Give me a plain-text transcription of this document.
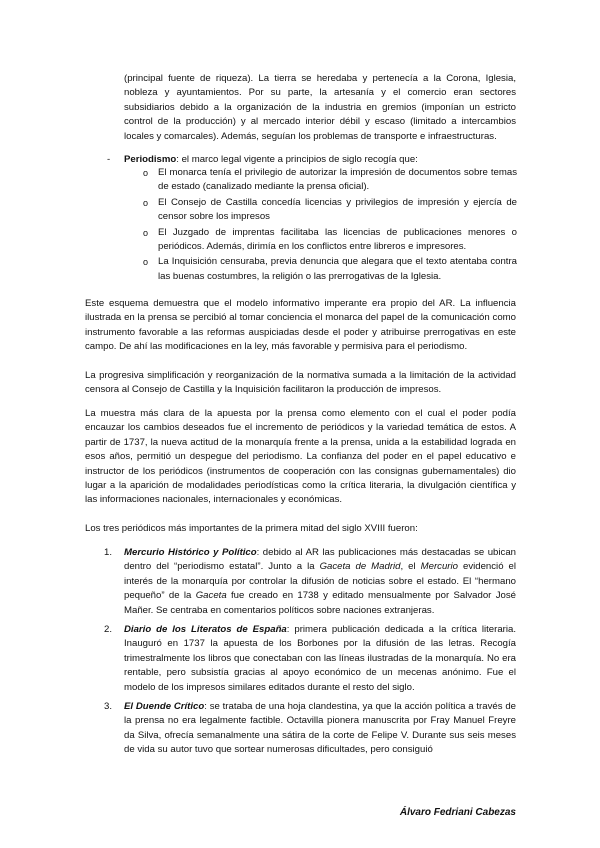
(principal fuente de riqueza). La tierra se heredaba y pertenecía a la Corona, Iglesia, nobleza y ayuntamientos. Por su parte, la artesanía y el comercio eran sectores subsidiarios debido a la organización de la industria en gremios (imponían un estricto control de la producción) y al mercado interior débil y escaso (limitado a intercambios locales y comarcales). Además, seguían los problemas de transporte e infraestructuras.

- Periodismo: el marco legal vigente a principios de siglo recogía que:
o El monarca tenía el privilegio de autorizar la impresión de documentos sobre temas de estado (canalizado mediante la prensa oficial).

o El Consejo de Castilla concedía licencias y privilegios de impresión y ejercía de censor sobre los impresos

o El Juzgado de imprentas facilitaba las licencias de publicaciones menores o periódicos. Además, dirimía en los conflictos entre libreros e impresores.

o La Inquisición censuraba, previa denuncia que alegara que el texto atentaba contra las buenas costumbres, la religión o las prerrogativas de la Iglesia.

Este esquema demuestra que el modelo informativo imperante era propio del AR. La influencia ilustrada en la prensa se percibió al tomar conciencia el monarca del papel de la comunicación como instrumento favorable a las reformas auspiciadas desde el poder y atribuirse prerrogativas en este campo. De ahí las modificaciones en la ley, más favorable y permisiva para el periodismo.

La progresiva simplificación y reorganización de la normativa sumada a la limitación de la actividad censora al Consejo de Castilla y la Inquisición facilitaron la producción de impresos.

La muestra más clara de la apuesta por la prensa como elemento con el cual el poder podía encauzar los cambios deseados fue el incremento de periódicos y la variedad temática de estos. A partir de 1737, la nueva actitud de la monarquía frente a la prensa, unida a la estabilidad lograda en esos años, permitió un despegue del periodismo. La confianza del poder en el papel educativo e instructor de los periódicos (instrumentos de cooperación con las consignas gubernamentales) dio lugar a la aparición de modalidades periodísticas como la crítica literaria, la divulgación científica y las informaciones nacionales, internacionales y económicas.

Los tres periódicos más importantes de la primera mitad del siglo XVIII fueron:

1. Mercurio Histórico y Político: debido al AR las publicaciones más destacadas se ubican dentro del “periodismo estatal”. Junto a la Gaceta de Madrid, el Mercurio evidenció el interés de la monarquía por controlar la difusión de noticias sobre el estado. El “hermano pequeño” de la Gaceta fue creado en 1738 y editado mensualmente por Salvador José Mañer. Se centraba en comentarios políticos sobre naciones extranjeras.

2. Diario de los Literatos de España: primera publicación dedicada a la crítica literaria. Inauguró en 1737 la apuesta de los Borbones por la difusión de las letras. Recogía trimestralmente los libros que conectaban con las líneas ilustradas de la monarquía. No era rentable, pero subsistía gracias al apoyo económico de un mecenas anónimo. Fue el modelo de los impresos similares editados durante el resto del siglo.

3. El Duende Crítico: se trataba de una hoja clandestina, ya que la acción política a través de la prensa no era legalmente factible. Octavilla pionera manuscrita por Fray Manuel Freyre da Silva, ofrecía semanalmente una sátira de la corte de Felipe V. Durante sus seis meses de vida su autor tuvo que sortear numerosas dificultades, pero consiguió

Álvaro Fedriani Cabezas
